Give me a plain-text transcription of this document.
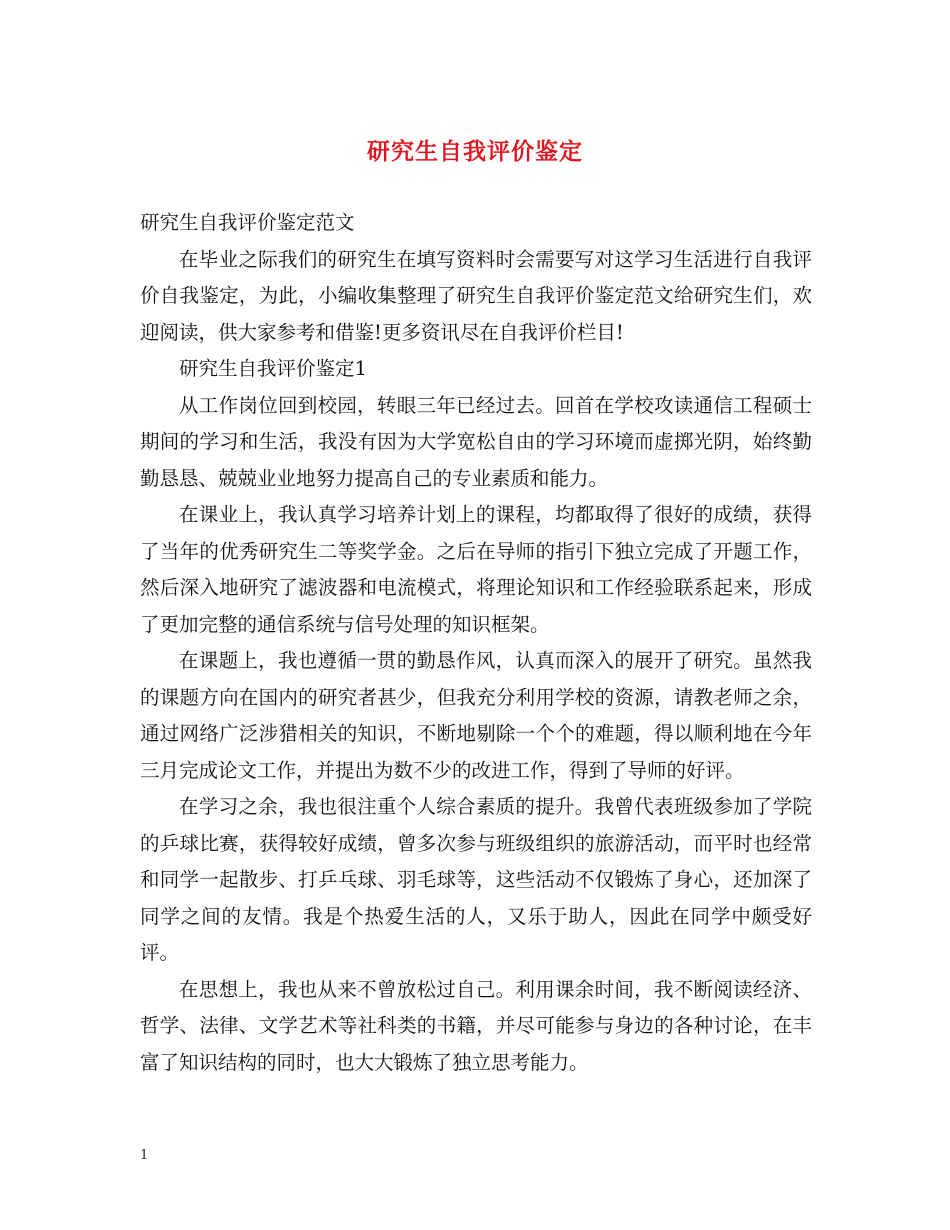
研究生自我评价鉴定

研究生自我评价鉴定范文

在毕业之际我们的研究生在填写资料时会需要写对这学习生活进行自我评价自我鉴定，为此，小编收集整理了研究生自我评价鉴定范文给研究生们，欢迎阅读，供大家参考和借鉴!更多资讯尽在自我评价栏目!

研究生自我评价鉴定1

从工作岗位回到校园，转眼三年已经过去。回首在学校攻读通信工程硕士期间的学习和生活，我没有因为大学宽松自由的学习环境而虚掷光阴，始终勤勤恳恳、兢兢业业地努力提高自己的专业素质和能力。

在课业上，我认真学习培养计划上的课程，均都取得了很好的成绩，获得了当年的优秀研究生二等奖学金。之后在导师的指引下独立完成了开题工作，然后深入地研究了滤波器和电流模式，将理论知识和工作经验联系起来，形成了更加完整的通信系统与信号处理的知识框架。

在课题上，我也遵循一贯的勤恳作风，认真而深入的展开了研究。虽然我的课题方向在国内的研究者甚少，但我充分利用学校的资源，请教老师之余，通过网络广泛涉猎相关的知识，不断地剔除一个个的难题，得以顺利地在今年三月完成论文工作，并提出为数不少的改进工作，得到了导师的好评。

在学习之余，我也很注重个人综合素质的提升。我曾代表班级参加了学院的乒球比赛，获得较好成绩，曾多次参与班级组织的旅游活动，而平时也经常和同学一起散步、打乒乓球、羽毛球等，这些活动不仅锻炼了身心，还加深了同学之间的友情。我是个热爱生活的人，又乐于助人，因此在同学中颇受好评。

在思想上，我也从来不曾放松过自己。利用课余时间，我不断阅读经济、哲学、法律、文学艺术等社科类的书籍，并尽可能参与身边的各种讨论，在丰富了知识结构的同时，也大大锻炼了独立思考能力。

1
